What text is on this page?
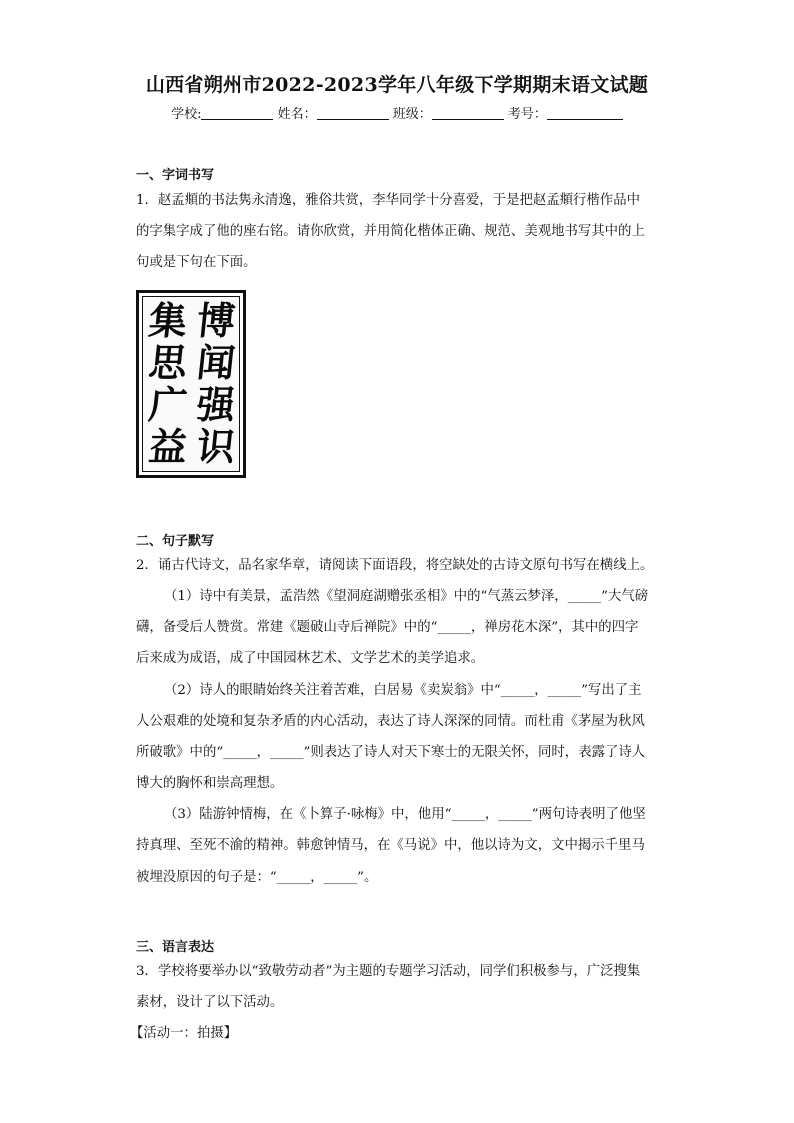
山西省朔州市2022-2023学年八年级下学期期末语文试题
学校:	姓名：	班级：	考号：
一、字词书写
1．赵孟頫的书法隽永清逸，雅俗共赏，李华同学十分喜爱，于是把赵孟頫行楷作品中
的字集字成了他的座右铭。请你欣赏，并用简化楷体正确、规范、美观地书写其中的上
句或是下句在下面。
博
闻
强
识
集
思
广
益
二、句子默写
2．诵古代诗文，品名家华章，请阅读下面语段，将空缺处的古诗文原句书写在横线上。
（1）诗中有美景，孟浩然《望洞庭湖赠张丞相》中的“气蒸云梦泽，_____”大气磅
礴，备受后人赞赏。常建《题破山寺后禅院》中的“_____，禅房花木深”，其中的四字
后来成为成语，成了中国园林艺术、文学艺术的美学追求。
（2）诗人的眼睛始终关注着苦难，白居易《卖炭翁》中“_____，_____”写出了主
人公艰难的处境和复杂矛盾的内心活动，表达了诗人深深的同情。而杜甫《茅屋为秋风
所破歌》中的“_____，_____”则表达了诗人对天下寒士的无限关怀，同时，表露了诗人
博大的胸怀和崇高理想。
（3）陆游钟情梅，在《卜算子·咏梅》中，他用“_____，_____”两句诗表明了他坚
持真理、至死不渝的精神。韩愈钟情马，在《马说》中，他以诗为文，文中揭示千里马
被埋没原因的句子是：“_____，_____”。
三、语言表达
3．学校将要举办以“致敬劳动者”为主题的专题学习活动，同学们积极参与，广泛搜集
素材，设计了以下活动。
【活动一：拍摄】
